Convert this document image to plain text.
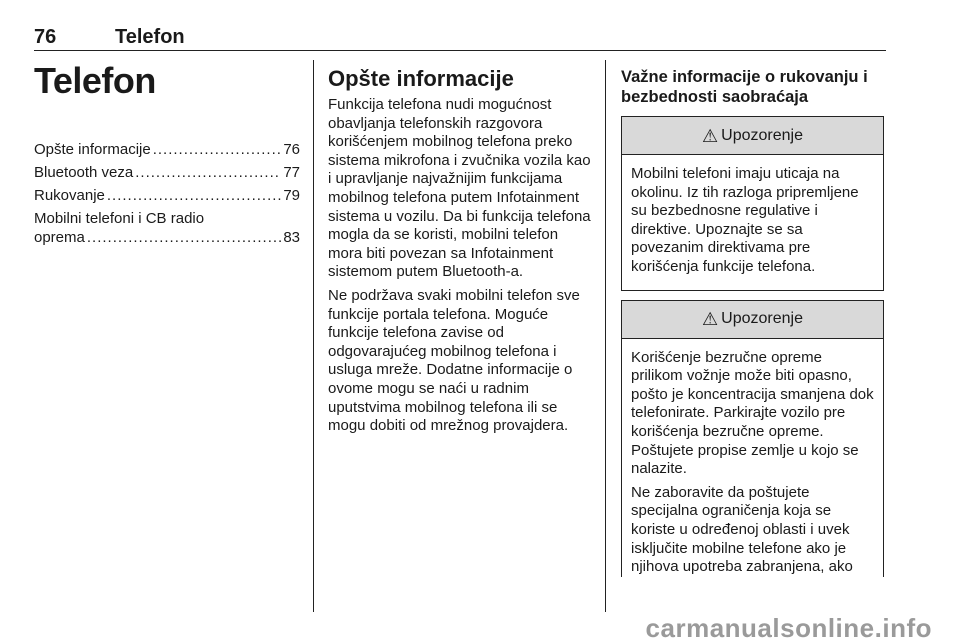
76	Telefon
Telefon
Opšte informacije .....	76
Bluetooth veza .....	77
Rukovanje .....	79
Mobilni telefoni i CB radio
oprema .....	83
Opšte informacije

Funkcija telefona nudi mogućnost obavljanja telefonskih razgovora korišćenjem mobilnog telefona preko sistema mikrofona i zvučnika vozila kao i upravljanje najvažnijim funkcijama mobilnog telefona putem Infotainment sistema u vozilu. Da bi funkcija telefona mogla da se koristi, mobilni telefon mora biti povezan sa Infotainment sistemom putem Bluetooth-a.

Ne podržava svaki mobilni telefon sve funkcije portala telefona. Moguće funkcije telefona zavise od odgovarajućeg mobilnog telefona i usluga mreže. Dodatne informacije o ovome mogu se naći u radnim uputstvima mobilnog telefona ili se mogu dobiti od mrežnog provajdera.

Važne informacije o rukovanju i bezbednosti saobraćaja
⚠ Upozorenje

Mobilni telefoni imaju uticaja na okolinu. Iz tih razloga pripremljene su bezbednosne regulative i direktive. Upoznajte se sa povezanim direktivama pre korišćenja funkcije telefona.

⚠ Upozorenje

Korišćenje bezručne opreme prilikom vožnje može biti opasno, pošto je koncentracija smanjena dok telefonirate. Parkirajte vozilo pre korišćenja bezručne opreme. Poštujete propise zemlje u kojo se nalazite.

Ne zaboravite da poštujete specijalna ograničenja koja se koriste u određenoj oblasti i uvek isključite mobilne telefone ako je njihova upotreba zabranjena, ako

carmanualsonline.info
